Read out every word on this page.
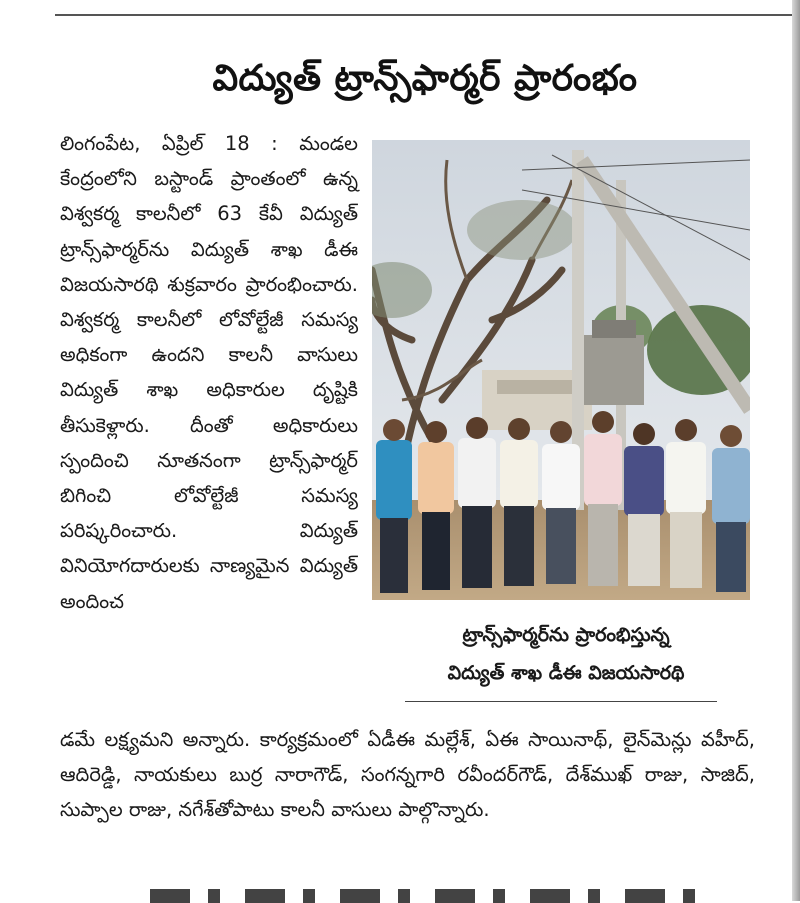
విద్యుత్ ట్రాన్స్‌ఫార్మర్ ప్రారంభం

లింగంపేట, ఏప్రిల్ 18 : మండల కేంద్రంలోని బస్టాండ్ ప్రాంతంలో ఉన్న విశ్వకర్మ కాలనీలో 63 కేవీ విద్యుత్ ట్రాన్స్‌ఫార్మర్‌ను విద్యుత్ శాఖ డీఈ విజయసారథి శుక్రవారం ప్రారంభించారు. విశ్వకర్మ కాలనీలో లోవోల్టేజీ సమస్య అధికంగా ఉందని కాలనీ వాసులు విద్యుత్ శాఖ అధికారుల దృష్టికి తీసుకెళ్లారు. దీంతో అధికారులు స్పందించి నూతనంగా ట్రాన్స్‌ఫార్మర్ బిగించి లోవోల్టేజీ సమస్య పరిష్కరించారు. విద్యుత్ వినియోగదారులకు నాణ్యమైన విద్యుత్ అందించ

ట్రాన్స్‌ఫార్మర్‌ను ప్రారంభిస్తున్న
విద్యుత్ శాఖ డీఈ విజయసారథి

డమే లక్ష్యమని అన్నారు. కార్యక్రమంలో ఏడీఈ మల్లేశ్, ఏఈ సాయినాథ్, లైన్‌మెన్లు వహీద్, ఆదిరెడ్డి, నాయకులు బుర్ర నారాగౌడ్, సంగన్నగారి రవీందర్‌గౌడ్, దేశ్‌ముఖ్ రాజు, సాజిద్, సుప్పాల రాజు, నగేశ్‌తోపాటు కాలనీ వాసులు పాల్గొన్నారు.
